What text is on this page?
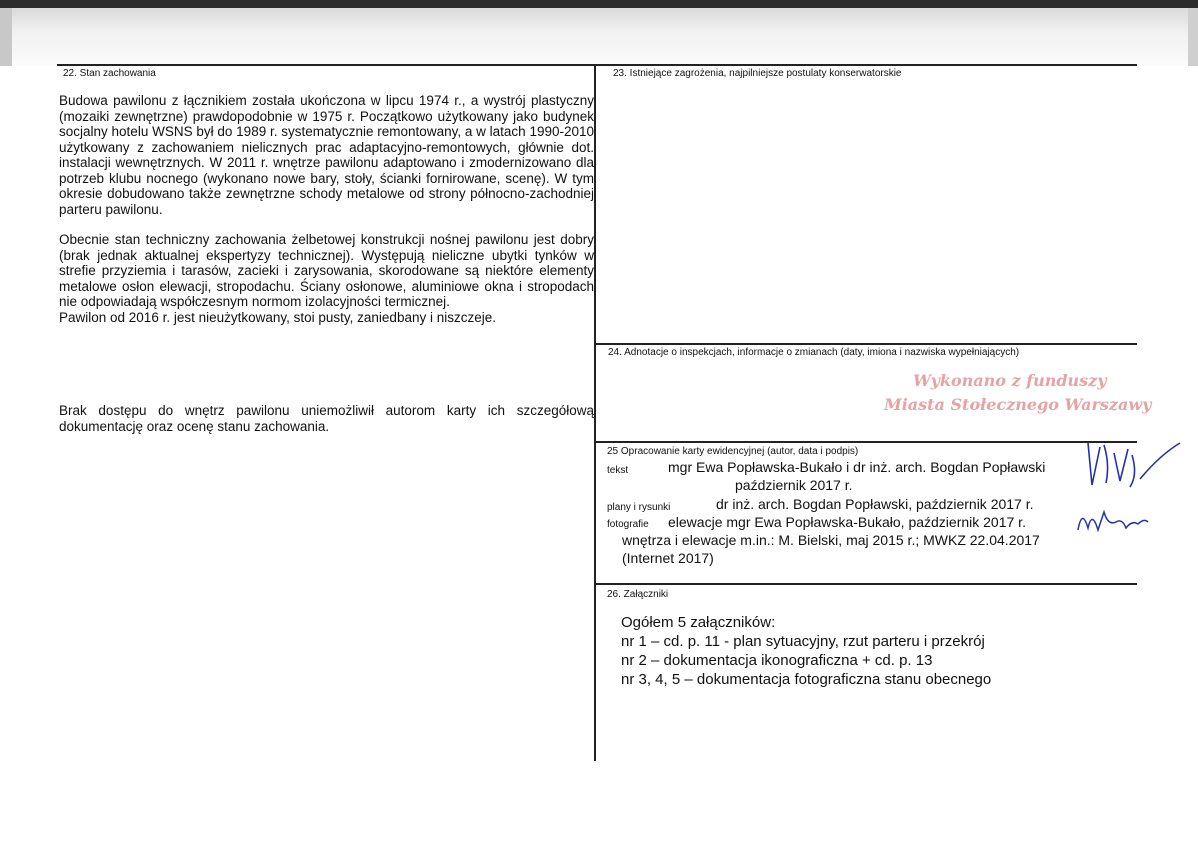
22. Stan zachowania

Budowa pawilonu z łącznikiem została ukończona w lipcu 1974 r., a wystrój plastyczny (mozaiki zewnętrzne) prawdopodobnie w 1975 r. Początkowo użytkowany jako budynek socjalny hotelu WSNS był do 1989 r. systematycznie remontowany, a w latach 1990-2010 użytkowany z zachowaniem nielicznych prac adaptacyjno-remontowych, głównie dot. instalacji wewnętrznych. W 2011 r. wnętrze pawilonu adaptowano i zmodernizowano dla potrzeb klubu nocnego (wykonano nowe bary, stoły, ścianki fornirowane, scenę). W tym okresie dobudowano także zewnętrzne schody metalowe od strony północno-zachodniej parteru pawilonu.

Obecnie stan techniczny zachowania żelbetowej konstrukcji nośnej pawilonu jest dobry (brak jednak aktualnej ekspertyzy technicznej). Występują nieliczne ubytki tynków w strefie przyziemia i tarasów, zacieki i zarysowania, skorodowane są niektóre elementy metalowe osłon elewacji, stropodachu. Ściany osłonowe, aluminiowe okna i stropodach nie odpowiadają współczesnym normom izolacyjności termicznej.

Pawilon od 2016 r. jest nieużytkowany, stoi pusty, zaniedbany i niszczeje.

Brak dostępu do wnętrz pawilonu uniemożliwił autorom karty ich szczegółową dokumentację oraz ocenę stanu zachowania.
23. Istniejące zagrożenia, najpilniejsze postulaty konserwatorskie
24. Adnotacje o inspekcjach, informacje o zmianach (daty, imiona i nazwiska wypełniających)
Wykonano z funduszy
Miasta Stołecznego Warszawy
25 Opracowanie karty ewidencyjnej (autor, data i podpis)
tekst	mgr Ewa Popławska-Bukało i dr inż. arch. Bogdan Popławski
październik 2017 r.
plany i rysunki	dr inż. arch. Bogdan Popławski, październik 2017 r.
fotografie elewacje mgr Ewa Popławska-Bukało, październik 2017 r.
wnętrza i elewacje m.in.: M. Bielski, maj 2015 r.; MWKZ 22.04.2017
(Internet 2017)
26. Załączniki
Ogółem 5 załączników:
nr 1 – cd. p. 11 - plan sytuacyjny, rzut parteru i przekrój
nr 2 – dokumentacja ikonograficzna + cd. p. 13
nr 3, 4, 5 – dokumentacja fotograficzna stanu obecnego
